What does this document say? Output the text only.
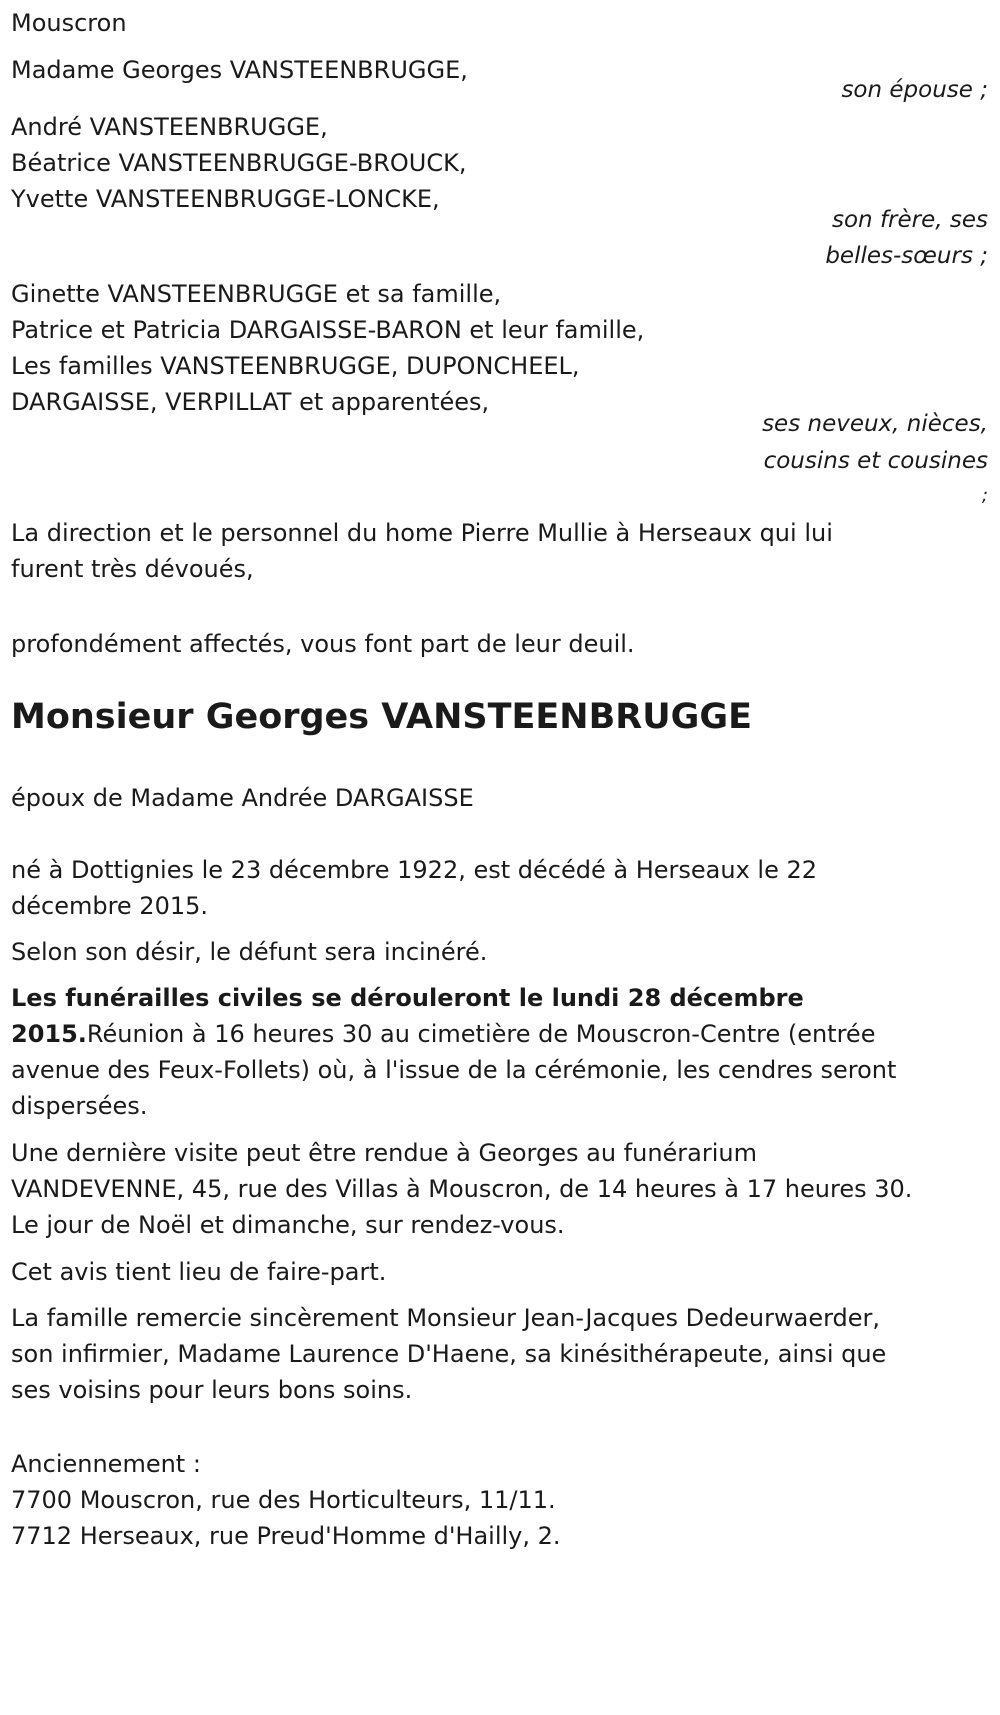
Mouscron
Madame Georges VANSTEENBRUGGE,
son épouse ;
André VANSTEENBRUGGE,
Béatrice VANSTEENBRUGGE-BROUCK,
Yvette VANSTEENBRUGGE-LONCKE,
son frère, ses
belles-sœurs ;
Ginette VANSTEENBRUGGE et sa famille,
Patrice et Patricia DARGAISSE-BARON et leur famille,
Les familles VANSTEENBRUGGE, DUPONCHEEL,
DARGAISSE, VERPILLAT et apparentées,
ses neveux, nièces,
cousins et cousines
;
La direction et le personnel du home Pierre Mullie à Herseaux qui lui
furent très dévoués,
profondément affectés, vous font part de leur deuil.
Monsieur Georges VANSTEENBRUGGE
époux de Madame Andrée DARGAISSE
né à Dottignies le 23 décembre 1922, est décédé à Herseaux le 22
décembre 2015.
Selon son désir, le défunt sera incinéré.
Les funérailles civiles se dérouleront le lundi 28 décembre
2015.Réunion à 16 heures 30 au cimetière de Mouscron-Centre (entrée
avenue des Feux-Follets) où, à l'issue de la cérémonie, les cendres seront
dispersées.
Une dernière visite peut être rendue à Georges au funérarium
VANDEVENNE, 45, rue des Villas à Mouscron, de 14 heures à 17 heures 30.
Le jour de Noël et dimanche, sur rendez-vous.
Cet avis tient lieu de faire-part.
La famille remercie sincèrement Monsieur Jean-Jacques Dedeurwaerder,
son infirmier, Madame Laurence D'Haene, sa kinésithérapeute, ainsi que
ses voisins pour leurs bons soins.
Anciennement :
7700 Mouscron, rue des Horticulteurs, 11/11.
7712 Herseaux, rue Preud'Homme d'Hailly, 2.
